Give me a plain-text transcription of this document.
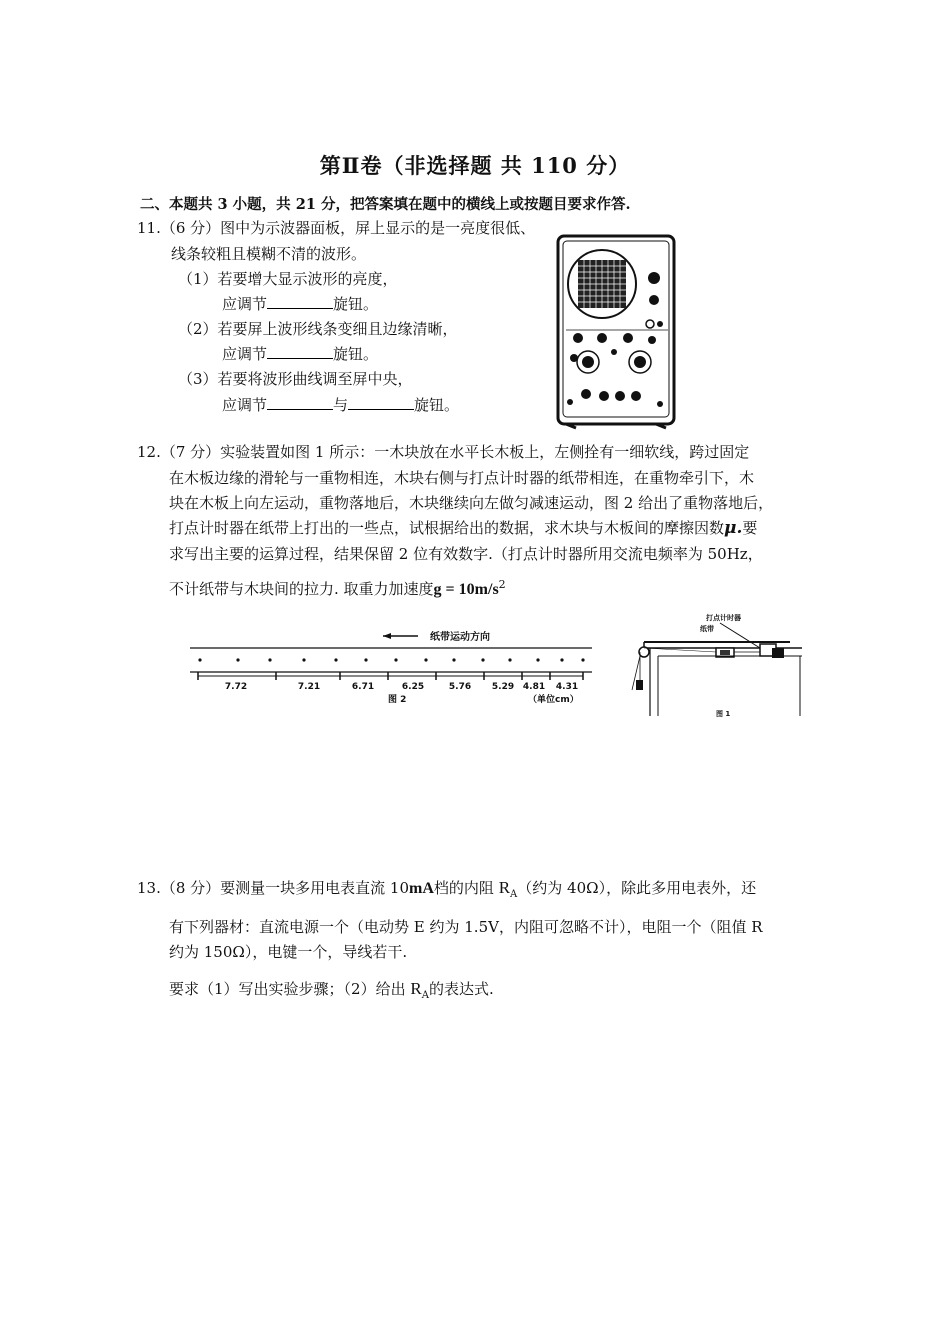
第Ⅱ卷（非选择题 共 110 分）
二、本题共 3 小题，共 21 分，把答案填在题中的横线上或按题目要求作答.
11.（6 分）图中为示波器面板，屏上显示的是一亮度很低、
线条较粗且模糊不清的波形。
（1）若要增大显示波形的亮度，
应调节	旋钮。
（2）若要屏上波形线条变细且边缘清晰，
应调节	旋钮。
（3）若要将波形曲线调至屏中央，
应调节	与	旋钮。
12.（7 分）实验装置如图 1 所示：一木块放在水平长木板上，左侧拴有一细软线，跨过固定
在木板边缘的滑轮与一重物相连，木块右侧与打点计时器的纸带相连，在重物牵引下，木
块在木板上向左运动，重物落地后，木块继续向左做匀减速运动，图 2 给出了重物落地后，
打点计时器在纸带上打出的一些点，试根据给出的数据，求木块与木板间的摩擦因数μ.要
求写出主要的运算过程，结果保留 2 位有效数字.（打点计时器所用交流电频率为 50Hz，
不计纸带与木块间的拉力. 取重力加速度$g = 10m/s^2$
纸带运动方向
7.72	7.21	6.71	6.25	5.76 5.29 4.81 4.31
图 2	（单位cm）
打点计时器
纸带
图 1
13.（8 分）要测量一块多用电表直流 10mA档的内阻 $R_A$（约为 40Ω），除此多用电表外，还
有下列器材：直流电源一个（电动势 E 约为 1.5V，内阻可忽略不计），电阻一个（阻值 R
约为 150Ω），电键一个，导线若干.
要求（1）写出实验步骤；（2）给出 $R_A$的表达式.
